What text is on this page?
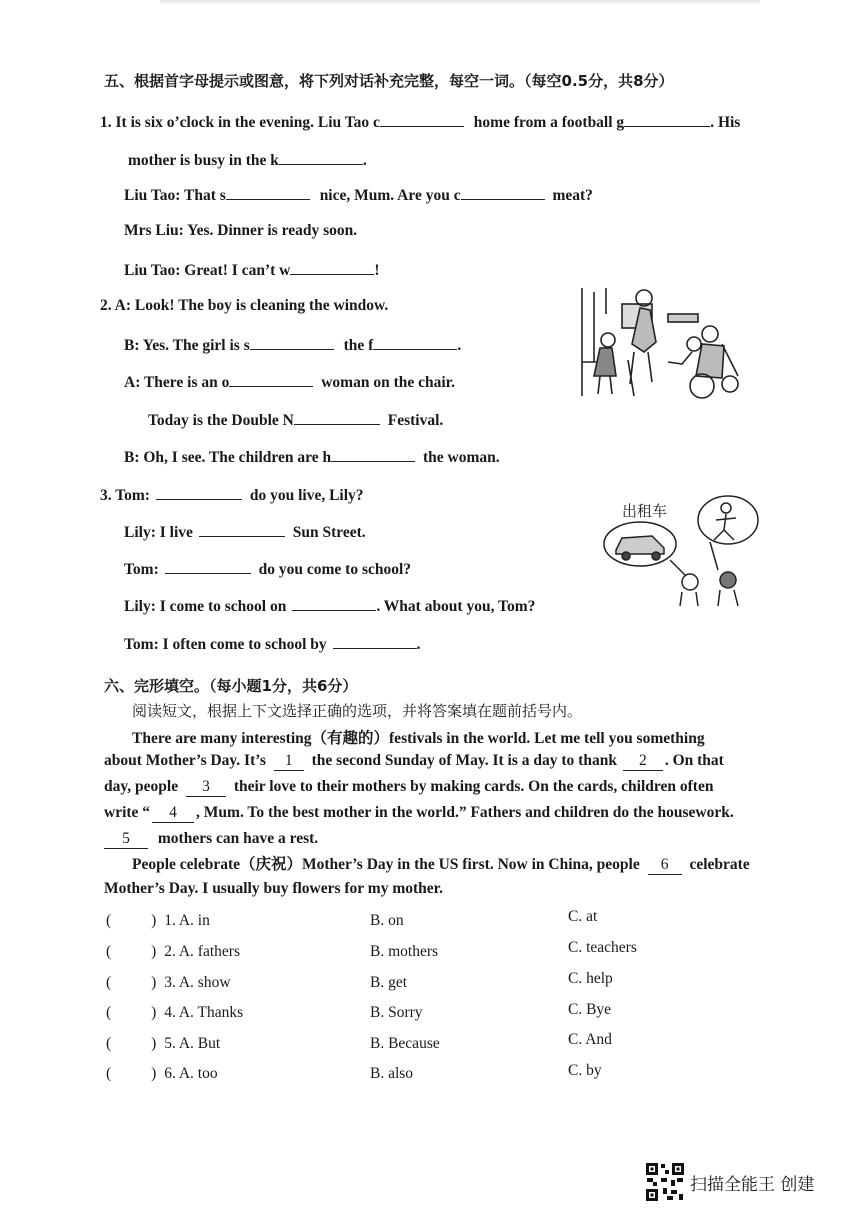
五、根据首字母提示或图意，将下列对话补充完整，每空一词。（每空0.5分，共8分）
1. It is six o’clock in the evening. Liu Tao c	home from a football g	. His
mother is busy in the k	.
Liu Tao: That s	nice, Mum. Are you c	meat?
Mrs Liu: Yes. Dinner is ready soon.
Liu Tao: Great! I can’t w	!
2. A: Look! The boy is cleaning the window.
B: Yes. The girl is s	the f	.
A: There is an o	woman on the chair.
Today is the Double N	Festival.
B: Oh, I see. The children are h	the woman.
3. Tom:	do you live, Lily?
Lily: I live	Sun Street.
Tom:	do you come to school?
Lily: I come to school on	. What about you, Tom?
Tom: I often come to school by	.
出租车
六、完形填空。（每小题1分，共6分）
阅读短文，根据上下文选择正确的选项，并将答案填在题前括号内。
There are many interesting（有趣的）festivals in the world. Let me tell you something
about Mother’s Day. It’s 1 the second Sunday of May. It is a day to thank 2 . On that
day, people 3 their love to their mothers by making cards. On the cards, children often
write “ 4 , Mum. To the best mother in the world.” Fathers and children do the housework.
5 mothers can have a rest.
People celebrate（庆祝）Mother’s Day in the US first. Now in China, people 6 celebrate
Mother’s Day. I usually buy flowers for my mother.
(	) 1. A. in	B. on	C. at
(	) 2. A. fathers	B. mothers	C. teachers
(	) 3. A. show	B. get	C. help
(	) 4. A. Thanks	B. Sorry	C. Bye
(	) 5. A. But	B. Because	C. And
(	) 6. A. too	B. also	C. by
扫描全能王 创建
